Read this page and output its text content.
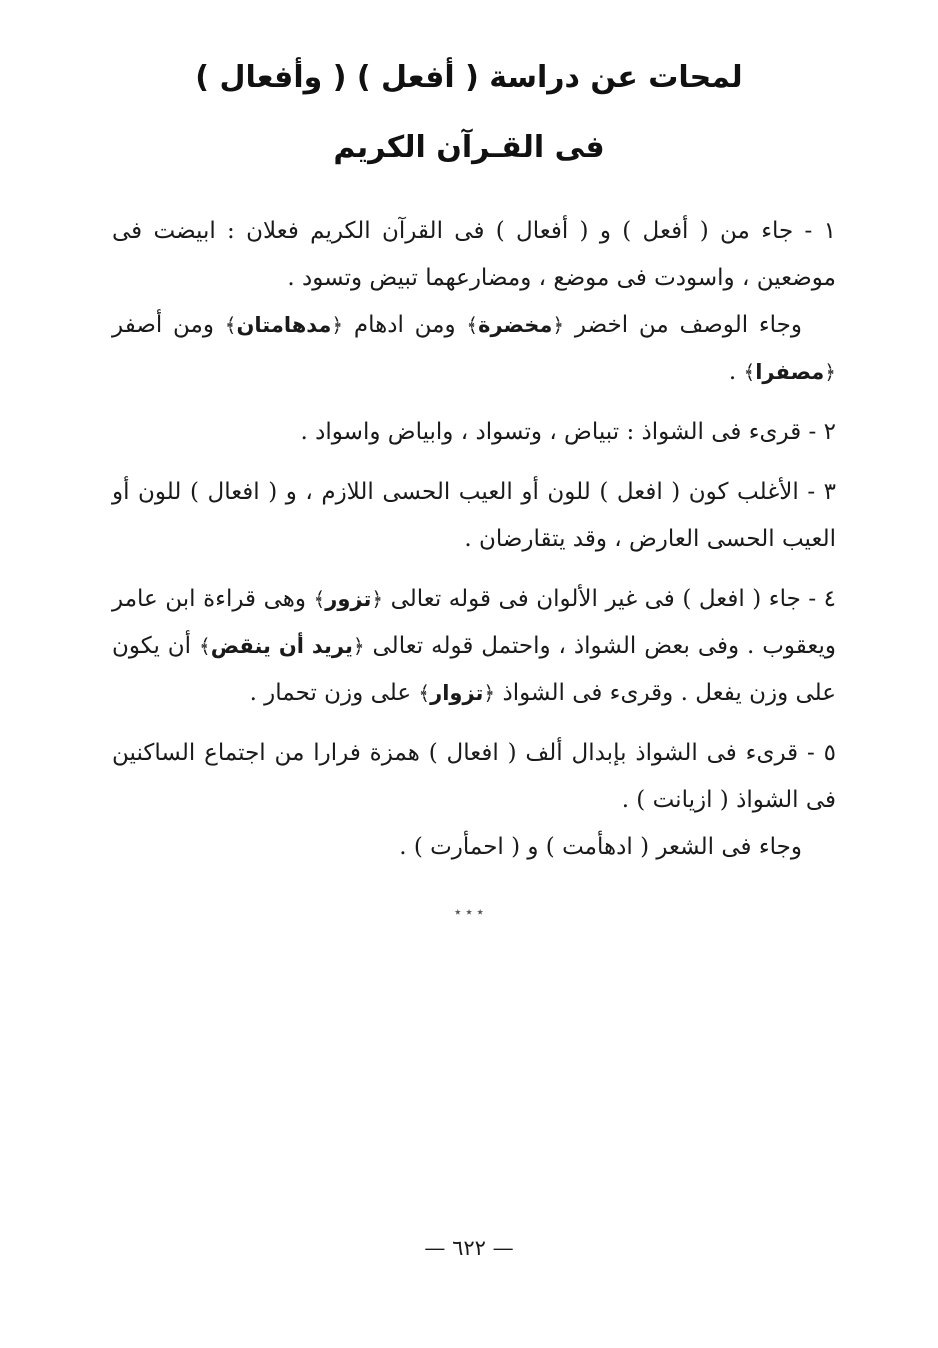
لمحات عن دراسة ( أفعل ) ( وأفعال )
فى القـرآن الكريم

١ - جاء من ( أفعل ) و ( أفعال ) فى القرآن الكريم فعلان : ابيضت فى موضعين ، واسودت فى موضع ، ومضارعهما تبيض وتسود .

وجاء الوصف من اخضر ﴿مخضرة﴾ ومن ادهام ﴿مدهامتان﴾ ومن أصفر ﴿مصفرا﴾ .

٢ - قرىء فى الشواذ : تبياض ، وتسواد ، وابياض واسواد .

٣ - الأغلب كون ( افعل ) للون أو العيب الحسى اللازم ، و ( افعال ) للون أو العيب الحسى العارض ، وقد يتقارضان .

٤ - جاء ( افعل ) فى غير الألوان فى قوله تعالى ﴿تزور﴾ وهى قراءة ابن عامر ويعقوب . وفى بعض الشواذ ، واحتمل قوله تعالى ﴿يريد أن ينقض﴾ أن يكون على وزن يفعل . وقرىء فى الشواذ ﴿تزوار﴾ على وزن تحمار .

٥ - قرىء فى الشواذ بإبدال ألف ( افعال ) همزة فرارا من اجتماع الساكنين فى الشواذ ( ازيانت ) .

وجاء فى الشعر ( ادهأمت ) و ( احمأرت ) .

٭ ٭ ٭
— ٦٢٢ —
